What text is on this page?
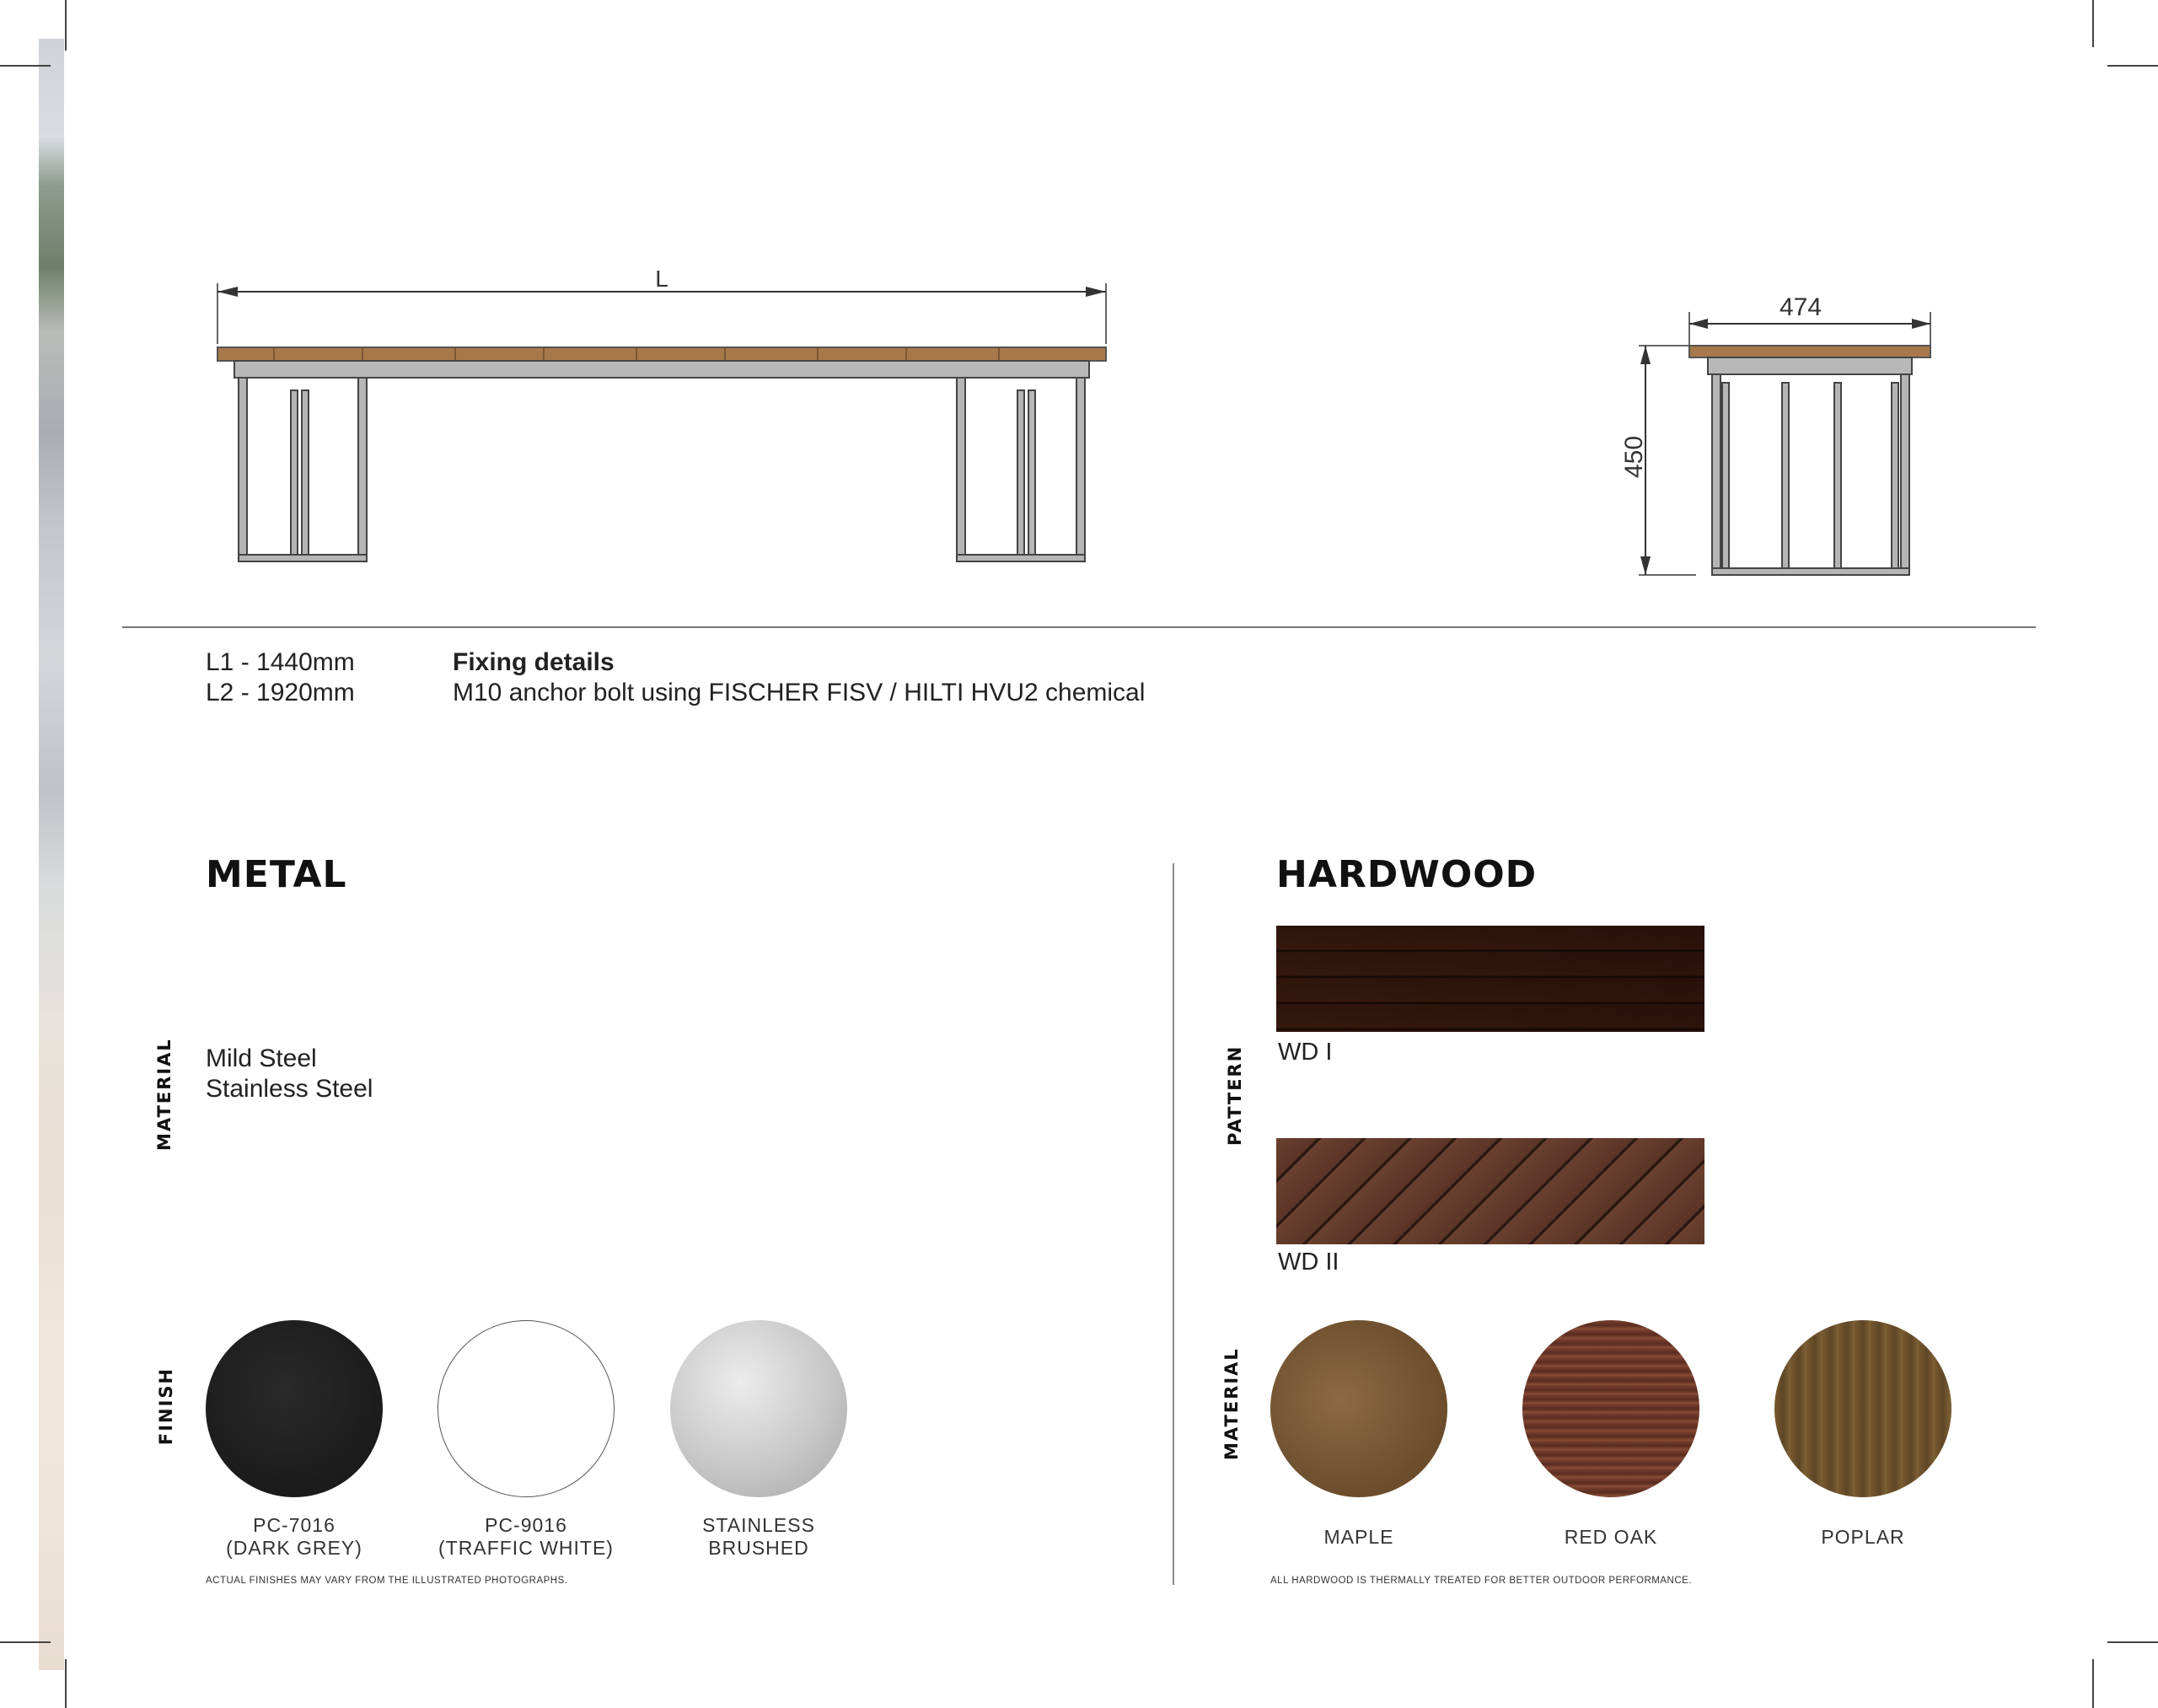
L
474
450
L1 - 1440mm
L2 - 1920mm
Fixing details
M10 anchor bolt using FISCHER FISV / HILTI HVU2 chemical
METAL
MATERIAL Mild Steel
Stainless Steel
FINISH
PC-7016
(DARK GREY)
PC-9016
(TRAFFIC WHITE)
STAINLESS
BRUSHED
ACTUAL FINISHES MAY VARY FROM THE ILLUSTRATED PHOTOGRAPHS.
HARDWOOD
PATTERN WD I
WD II
MATERIAL
MAPLE	RED OAK	POPLAR
ALL HARDWOOD IS THERMALLY TREATED FOR BETTER OUTDOOR PERFORMANCE.
